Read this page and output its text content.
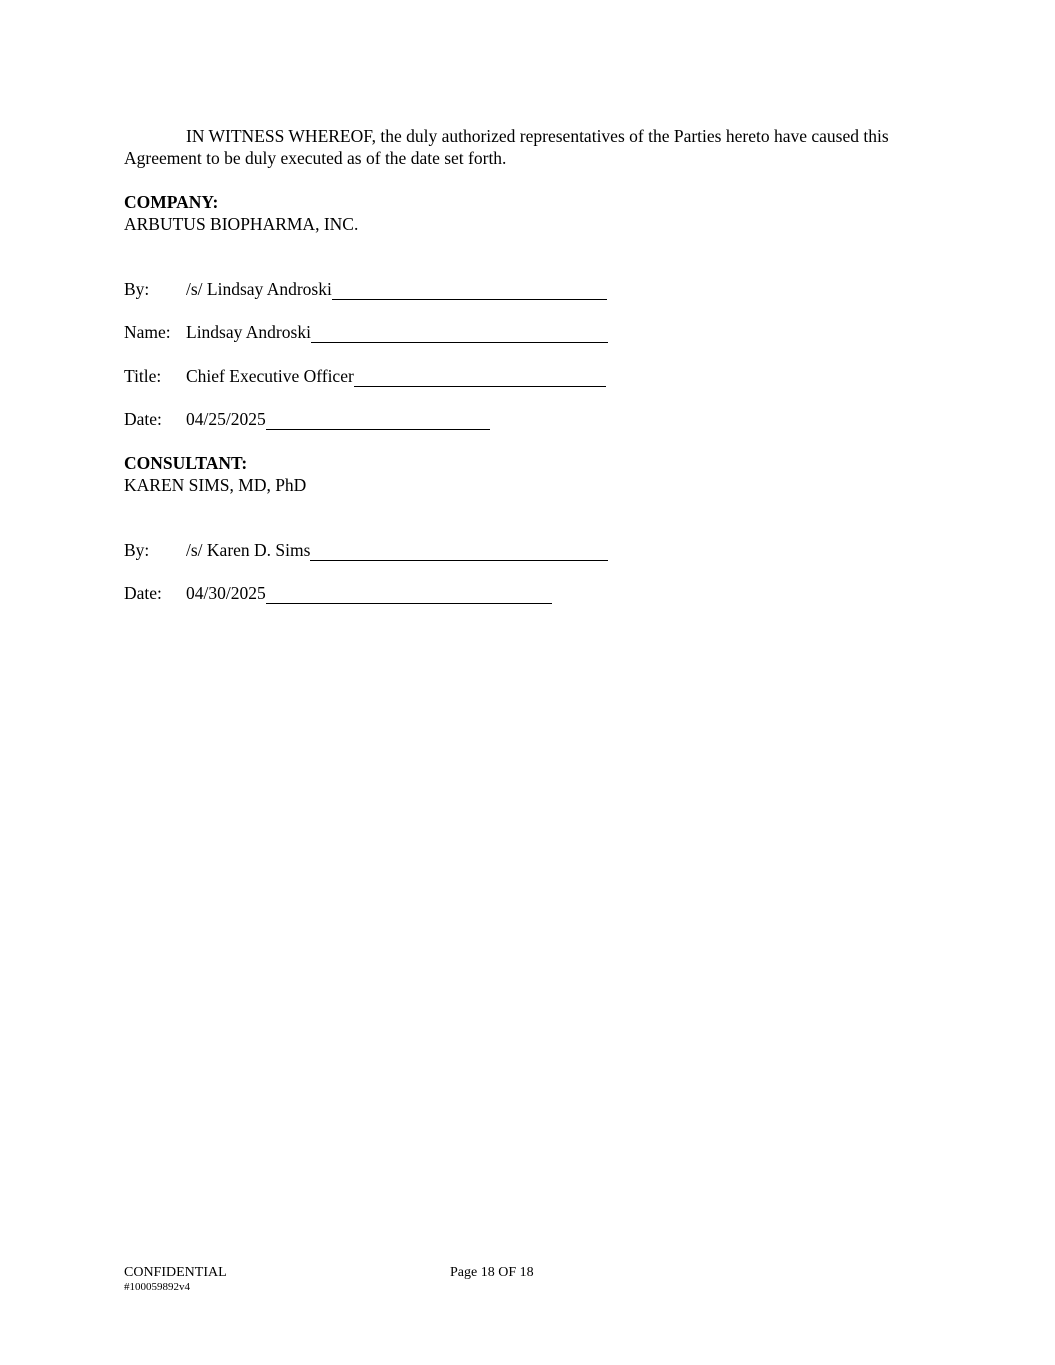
IN WITNESS WHEREOF, the duly authorized representatives of the Parties hereto have caused this Agreement to be duly executed as of the date set forth.

COMPANY:
ARBUTUS BIOPHARMA, INC.
By: /s/ Lindsay Androski
Name: Lindsay Androski
Title: Chief Executive Officer
Date: 04/25/2025
CONSULTANT:
KAREN SIMS, MD, PhD
By: /s/ Karen D. Sims
Date: 04/30/2025
CONFIDENTIAL
#100059892v4
Page 18 OF 18
